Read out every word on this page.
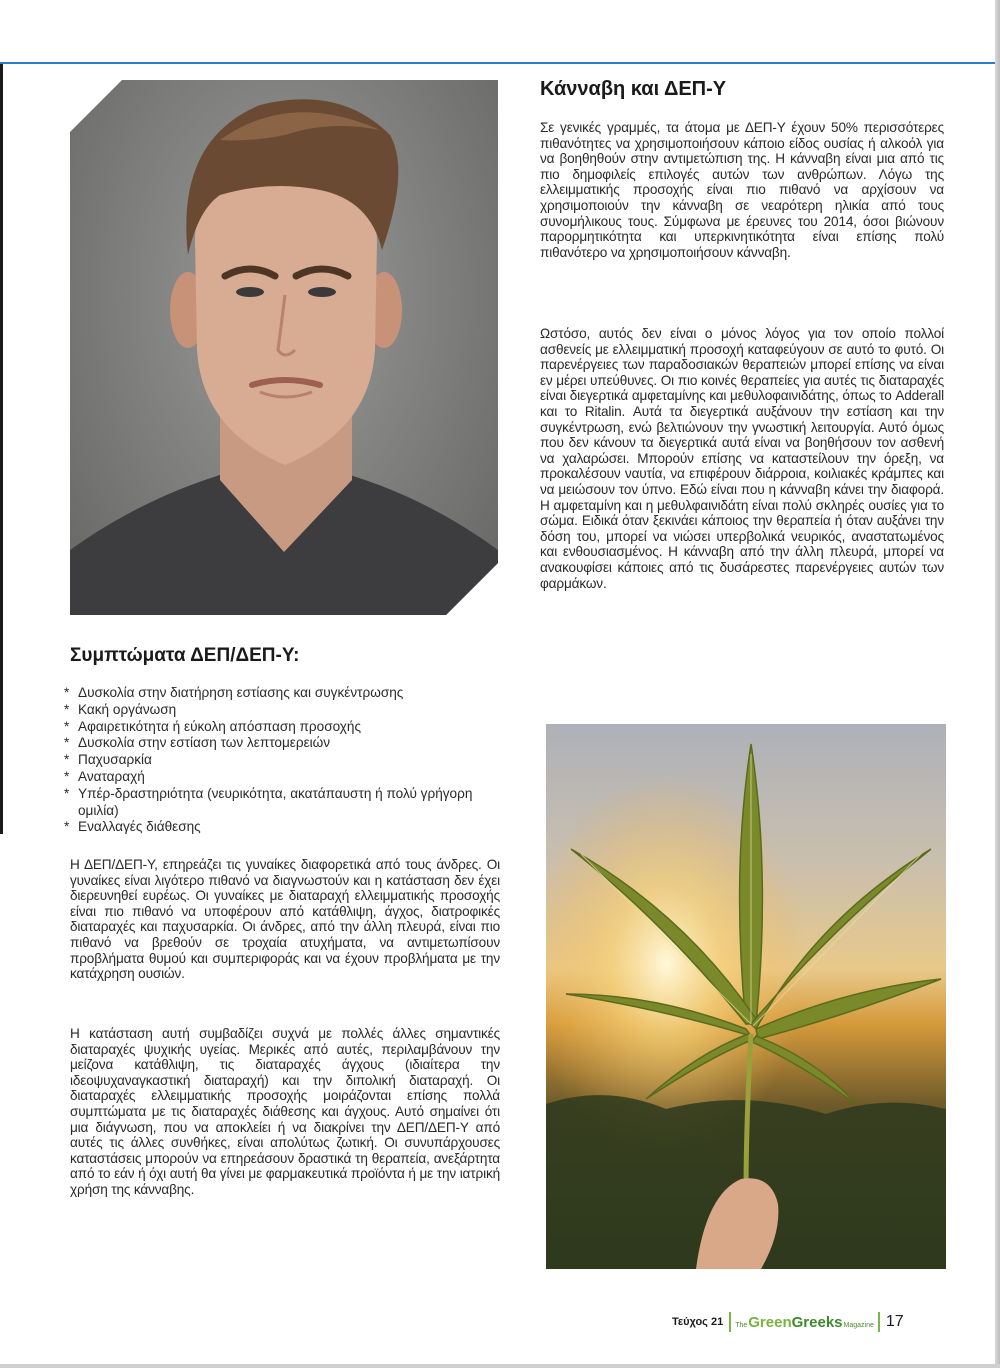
Κάνναβη και ΔΕΠ-Υ

Σε γενικές γραμμές, τα άτομα με ΔΕΠ-Υ έχουν 50% περισσότερες πιθανότητες να χρησιμοποιήσουν κάποιο είδος ουσίας ή αλκοόλ για να βοηθηθούν στην αντιμετώπιση της. Η κάνναβη είναι μια από τις πιο δημοφιλείς επιλογές αυτών των ανθρώπων. Λόγω της ελλειμματικής προσοχής είναι πιο πιθανό να αρχίσουν να χρησιμοποιούν την κάνναβη σε νεαρότερη ηλικία από τους συνομήλικους τους. Σύμφωνα με έρευνες του 2014, όσοι βιώνουν παρορμητικότητα και υπερκινητικότητα είναι επίσης πολύ πιθανότερο να χρησιμοποιήσουν κάνναβη.

Ωστόσο, αυτός δεν είναι ο μόνος λόγος για τον οποίο πολλοί ασθενείς με ελλειμματική προσοχή καταφεύγουν σε αυτό το φυτό. Οι παρενέργειες των παραδοσιακών θεραπειών μπορεί επίσης να είναι εν μέρει υπεύθυνες. Οι πιο κοινές θεραπείες για αυτές τις διαταραχές είναι διεγερτικά αμφεταμίνης και μεθυλοφαινιδάτης, όπως το Adderall και το Ritalin. Αυτά τα διεγερτικά αυξάνουν την εστίαση και την συγκέντρωση, ενώ βελτιώνουν την γνωστική λειτουργία. Αυτό όμως που δεν κάνουν τα διεγερτικά αυτά είναι να βοηθήσουν τον ασθενή να χαλαρώσει. Μπορούν επίσης να καταστείλουν την όρεξη, να προκαλέσουν ναυτία, να επιφέρουν διάρροια, κοιλιακές κράμπες και να μειώσουν τον ύπνο. Εδώ είναι που η κάνναβη κάνει την διαφορά. Η αμφεταμίνη και η μεθυλφαινιδάτη είναι πολύ σκληρές ουσίες για το σώμα. Ειδικά όταν ξεκινάει κάποιος την θεραπεία ή όταν αυξάνει την δόση του, μπορεί να νιώσει υπερβολικά νευρικός, αναστατωμένος και ενθουσιασμένος. Η κάνναβη από την άλλη πλευρά, μπορεί να ανακουφίσει κάποιες από τις δυσάρεστες παρενέργειες αυτών των φαρμάκων.

Συμπτώματα ΔΕΠ/ΔΕΠ-Υ:
* Δυσκολία στην διατήρηση εστίασης και συγκέντρωσης
* Κακή οργάνωση
* Αφαιρετικότητα ή εύκολη απόσπαση προσοχής
* Δυσκολία στην εστίαση των λεπτομερειών
* Παχυσαρκία
* Αναταραχή
* Υπέρ-δραστηριότητα (νευρικότητα, ακατάπαυστη ή πολύ γρήγορη ομιλία)
* Εναλλαγές διάθεσης

Η ΔΕΠ/ΔΕΠ-Υ, επηρεάζει τις γυναίκες διαφορετικά από τους άνδρες. Οι γυναίκες είναι λιγότερο πιθανό να διαγνωστούν και η κατάσταση δεν έχει διερευνηθεί ευρέως. Οι γυναίκες με διαταραχή ελλειμματικής προσοχής είναι πιο πιθανό να υποφέρουν από κατάθλιψη, άγχος, διατροφικές διαταραχές και παχυσαρκία. Οι άνδρες, από την άλλη πλευρά, είναι πιο πιθανό να βρεθούν σε τροχαία ατυχήματα, να αντιμετωπίσουν προβλήματα θυμού και συμπεριφοράς και να έχουν προβλήματα με την κατάχρηση ουσιών.

Η κατάσταση αυτή συμβαδίζει συχνά με πολλές άλλες σημαντικές διαταραχές ψυχικής υγείας. Μερικές από αυτές, περιλαμβάνουν την μείζονα κατάθλιψη, τις διαταραχές άγχους (ιδιαίτερα την ιδεοψυχαναγκαστική διαταραχή) και την διπολική διαταραχή. Οι διαταραχές ελλειμματικής προσοχής μοιράζονται επίσης πολλά συμπτώματα με τις διαταραχές διάθεσης και άγχους. Αυτό σημαίνει ότι μια διάγνωση, που να αποκλείει ή να διακρίνει την ΔΕΠ/ΔΕΠ-Υ από αυτές τις άλλες συνθήκες, είναι απολύτως ζωτική. Οι συνυπάρχουσες καταστάσεις μπορούν να επηρεάσουν δραστικά τη θεραπεία, ανεξάρτητα από το εάν ή όχι αυτή θα γίνει με φαρμακευτικά προϊόντα ή με την ιατρική χρήση της κάνναβης.

Τεύχος 21 The Green Greeks Magazine 17
